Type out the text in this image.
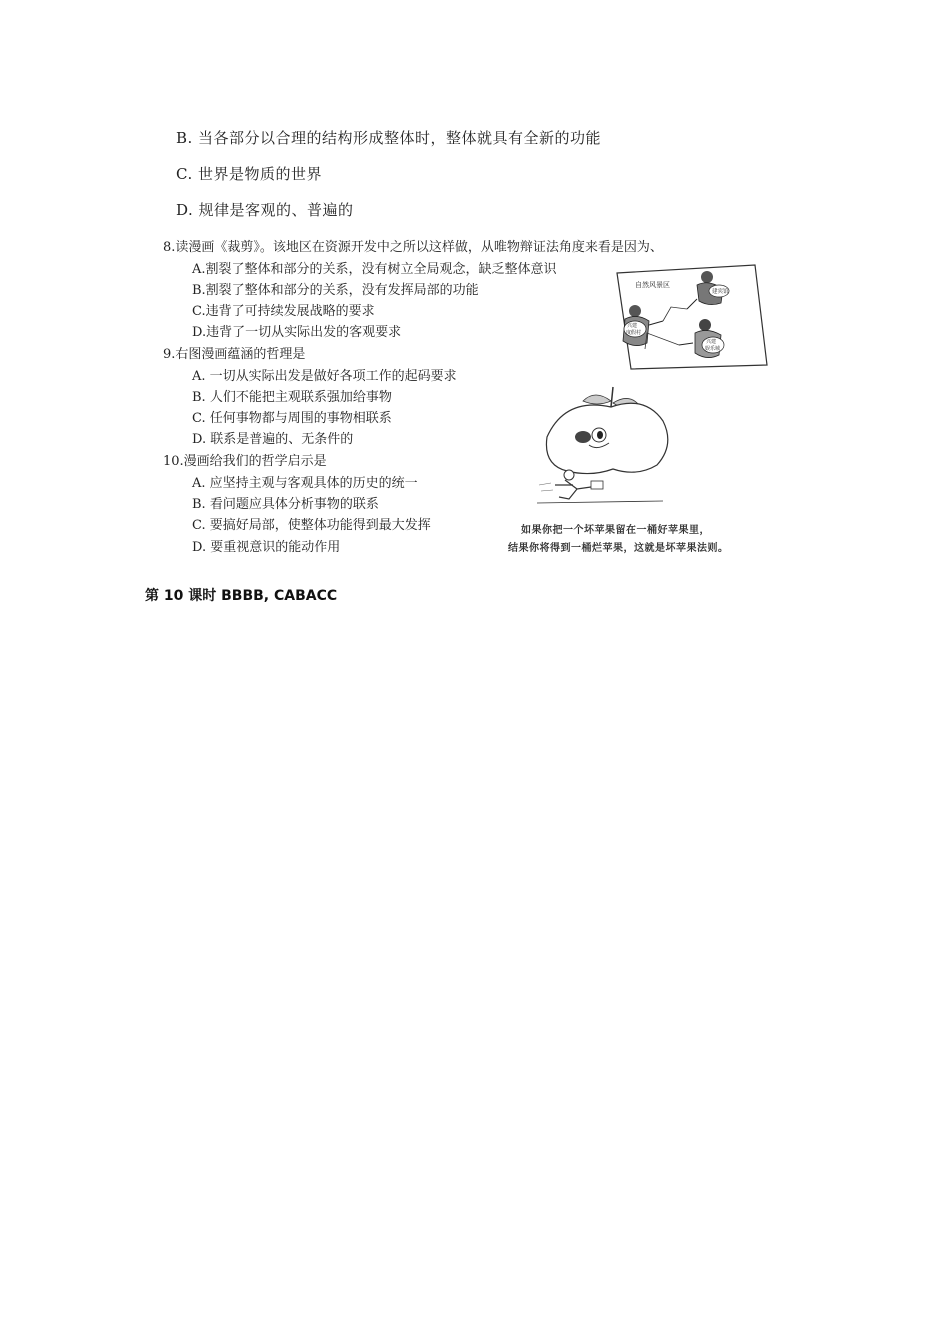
B. 当各部分以合理的结构形成整体时，整体就具有全新的功能
C. 世界是物质的世界
D. 规律是客观的、普遍的
8.读漫画《裁剪》。该地区在资源开发中之所以这样做，从唯物辩证法角度来看是因为、
A.割裂了整体和部分的关系，没有树立全局观念，缺乏整体意识
B.割裂了整体和部分的关系，没有发挥局部的功能
C.违背了可持续发展战略的要求
D.违背了一切从实际出发的客观要求
自然风景区
建宾馆
兴建
度假村
兴建
娱乐城
9.右图漫画蕴涵的哲理是
A. 一切从实际出发是做好各项工作的起码要求
B. 人们不能把主观联系强加给事物
C. 任何事物都与周围的事物相联系
D. 联系是普遍的、无条件的
10.漫画给我们的哲学启示是
A. 应坚持主观与客观具体的历史的统一
B. 看问题应具体分析事物的联系
C. 要搞好局部，使整体功能得到最大发挥
D. 要重视意识的能动作用
如果你把一个坏苹果留在一桶好苹果里，
结果你将得到一桶烂苹果，这就是坏苹果法则。
第 10 课时 BBBB, CABACC
